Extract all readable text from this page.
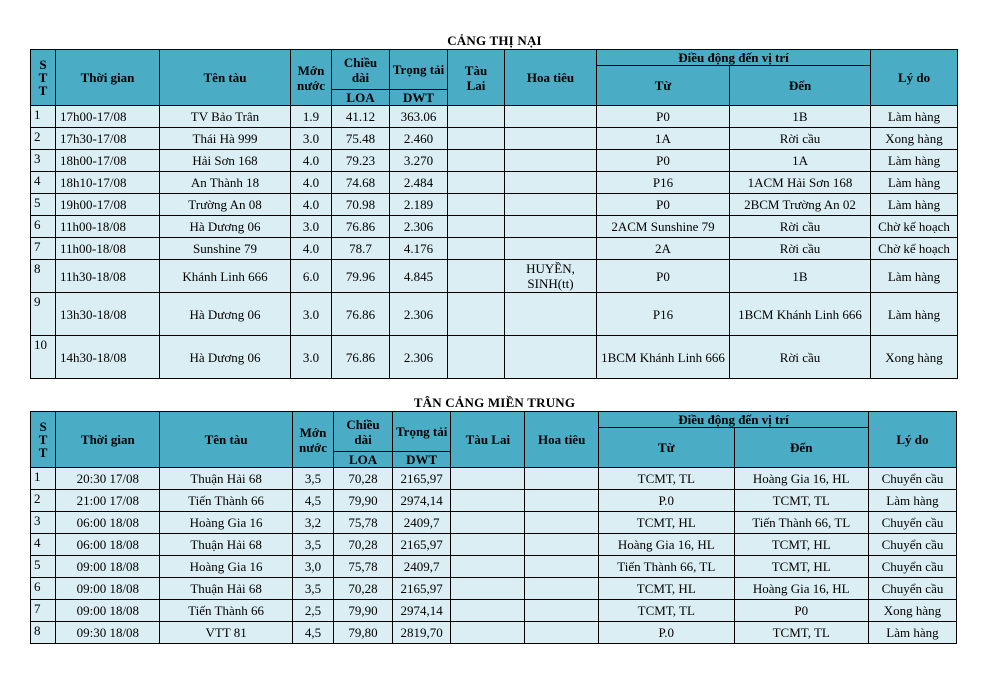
CẢNG THỊ NẠI
S T T	Thời gian	Tên tàu	Mớn nước	Chiều dài	Trọng tải	Tàu Lai	Hoa tiêu	Điều động đến vị trí		Lý do
								Từ	Đến	
				LOA	DWT					
1	17h00-17/08	TV Bảo Trân	1.9	41.12	363.06			P0	1B	Làm hàng
2	17h30-17/08	Thái Hà 999	3.0	75.48	2.460			1A	Rời cầu	Xong hàng
3	18h00-17/08	Hải Sơn 168	4.0	79.23	3.270			P0	1A	Làm hàng
4	18h10-17/08	An Thành 18	4.0	74.68	2.484			P16	1ACM Hải Sơn 168	Làm hàng
5	19h00-17/08	Trường An 08	4.0	70.98	2.189			P0	2BCM Trường An 02	Làm hàng
6	11h00-18/08	Hà Dương 06	3.0	76.86	2.306			2ACM Sunshine 79	Rời cầu	Chờ kế hoạch
7	11h00-18/08	Sunshine 79	4.0	78.7	4.176			2A	Rời cầu	Chờ kế hoạch
8	11h30-18/08	Khánh Linh 666	6.0	79.96	4.845		HUYỀN, SINH(tt)	P0	1B	Làm hàng
9	13h30-18/08	Hà Dương 06	3.0	76.86	2.306			P16	1BCM Khánh Linh 666	Làm hàng
10	14h30-18/08	Hà Dương 06	3.0	76.86	2.306			1BCM Khánh Linh 666	Rời cầu	Xong hàng
TÂN CẢNG MIỀN TRUNG
S T T	Thời gian	Tên tàu	Mớn nước	Chiều dài	Trọng tải	Tàu Lai	Hoa tiêu	Điều động đến vị trí		Lý do
								Từ	Đến	
				LOA	DWT					
1	20:30 17/08	Thuận Hải 68	3,5	70,28	2165,97			TCMT, TL	Hoàng Gia 16, HL	Chuyển cầu
2	21:00 17/08	Tiến Thành 66	4,5	79,90	2974,14			P.0	TCMT, TL	Làm hàng
3	06:00 18/08	Hoàng Gia 16	3,2	75,78	2409,7			TCMT, HL	Tiến Thành 66, TL	Chuyển cầu
4	06:00 18/08	Thuận Hải 68	3,5	70,28	2165,97			Hoàng Gia 16, HL	TCMT, HL	Chuyển cầu
5	09:00 18/08	Hoàng Gia 16	3,0	75,78	2409,7			Tiến Thành 66, TL	TCMT, HL	Chuyển cầu
6	09:00 18/08	Thuận Hải 68	3,5	70,28	2165,97			TCMT, HL	Hoàng Gia 16, HL	Chuyển cầu
7	09:00 18/08	Tiến Thành 66	2,5	79,90	2974,14			TCMT, TL	P0	Xong hàng
8	09:30 18/08	VTT 81	4,5	79,80	2819,70			P.0	TCMT, TL	Làm hàng
